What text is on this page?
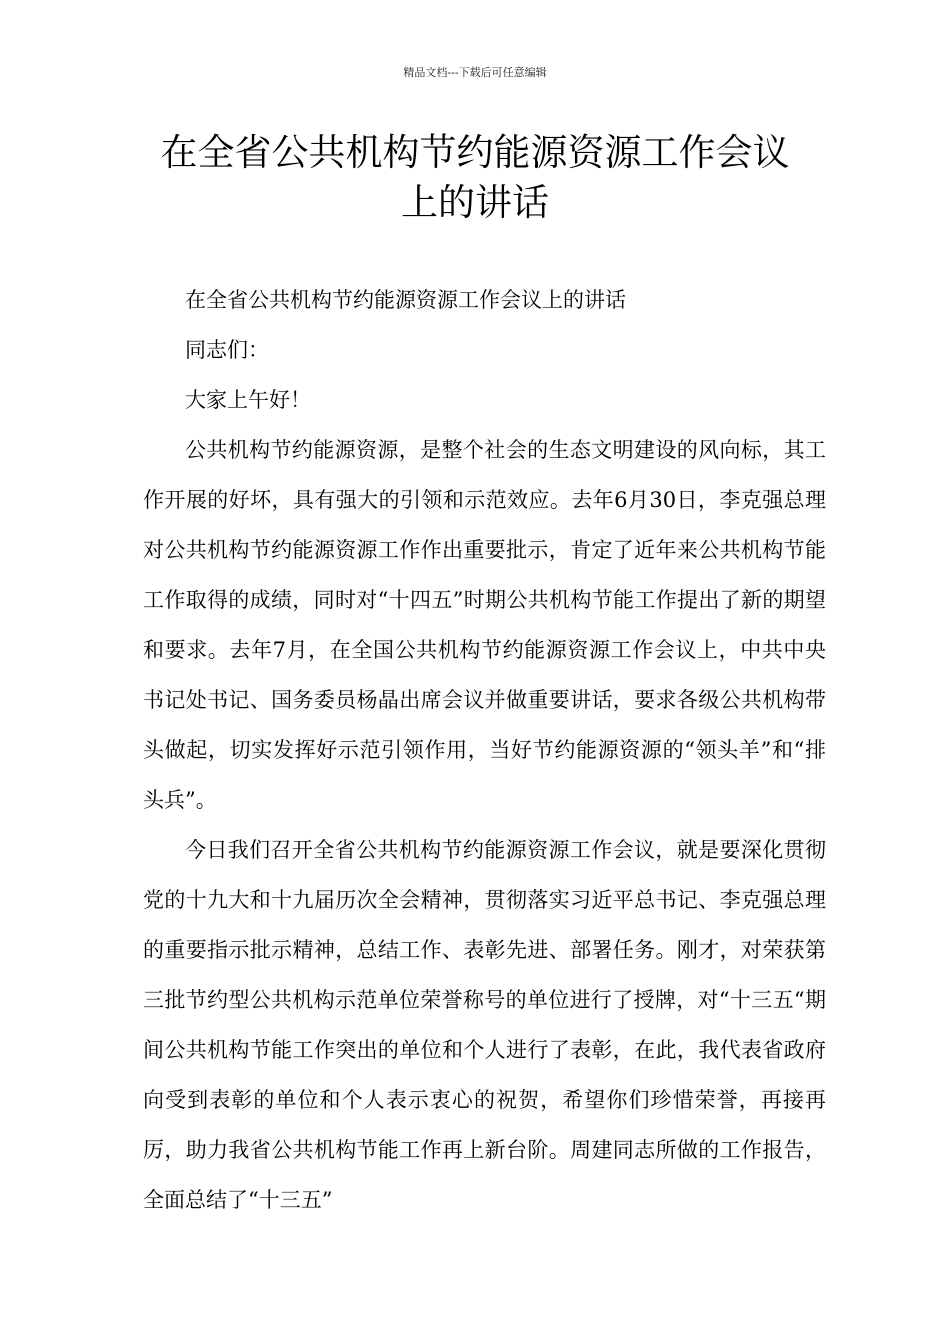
精品文档---下载后可任意编辑
在全省公共机构节约能源资源工作会议
上的讲话

在全省公共机构节约能源资源工作会议上的讲话

同志们：

大家上午好！

公共机构节约能源资源，是整个社会的生态文明建设的风向标，其工作开展的好坏，具有强大的引领和示范效应。去年6月30日，李克强总理对公共机构节约能源资源工作作出重要批示，肯定了近年来公共机构节能工作取得的成绩，同时对“十四五”时期公共机构节能工作提出了新的期望和要求。去年7月，在全国公共机构节约能源资源工作会议上，中共中央书记处书记、国务委员杨晶出席会议并做重要讲话，要求各级公共机构带头做起，切实发挥好示范引领作用，当好节约能源资源的“领头羊”和“排头兵”。

今日我们召开全省公共机构节约能源资源工作会议，就是要深化贯彻党的十九大和十九届历次全会精神，贯彻落实习近平总书记、李克强总理的重要指示批示精神，总结工作、表彰先进、部署任务。刚才，对荣获第三批节约型公共机构示范单位荣誉称号的单位进行了授牌，对“十三五“期间公共机构节能工作突出的单位和个人进行了表彰，在此，我代表省政府向受到表彰的单位和个人表示衷心的祝贺，希望你们珍惜荣誉，再接再厉，助力我省公共机构节能工作再上新台阶。周建同志所做的工作报告，全面总结了“十三五”
